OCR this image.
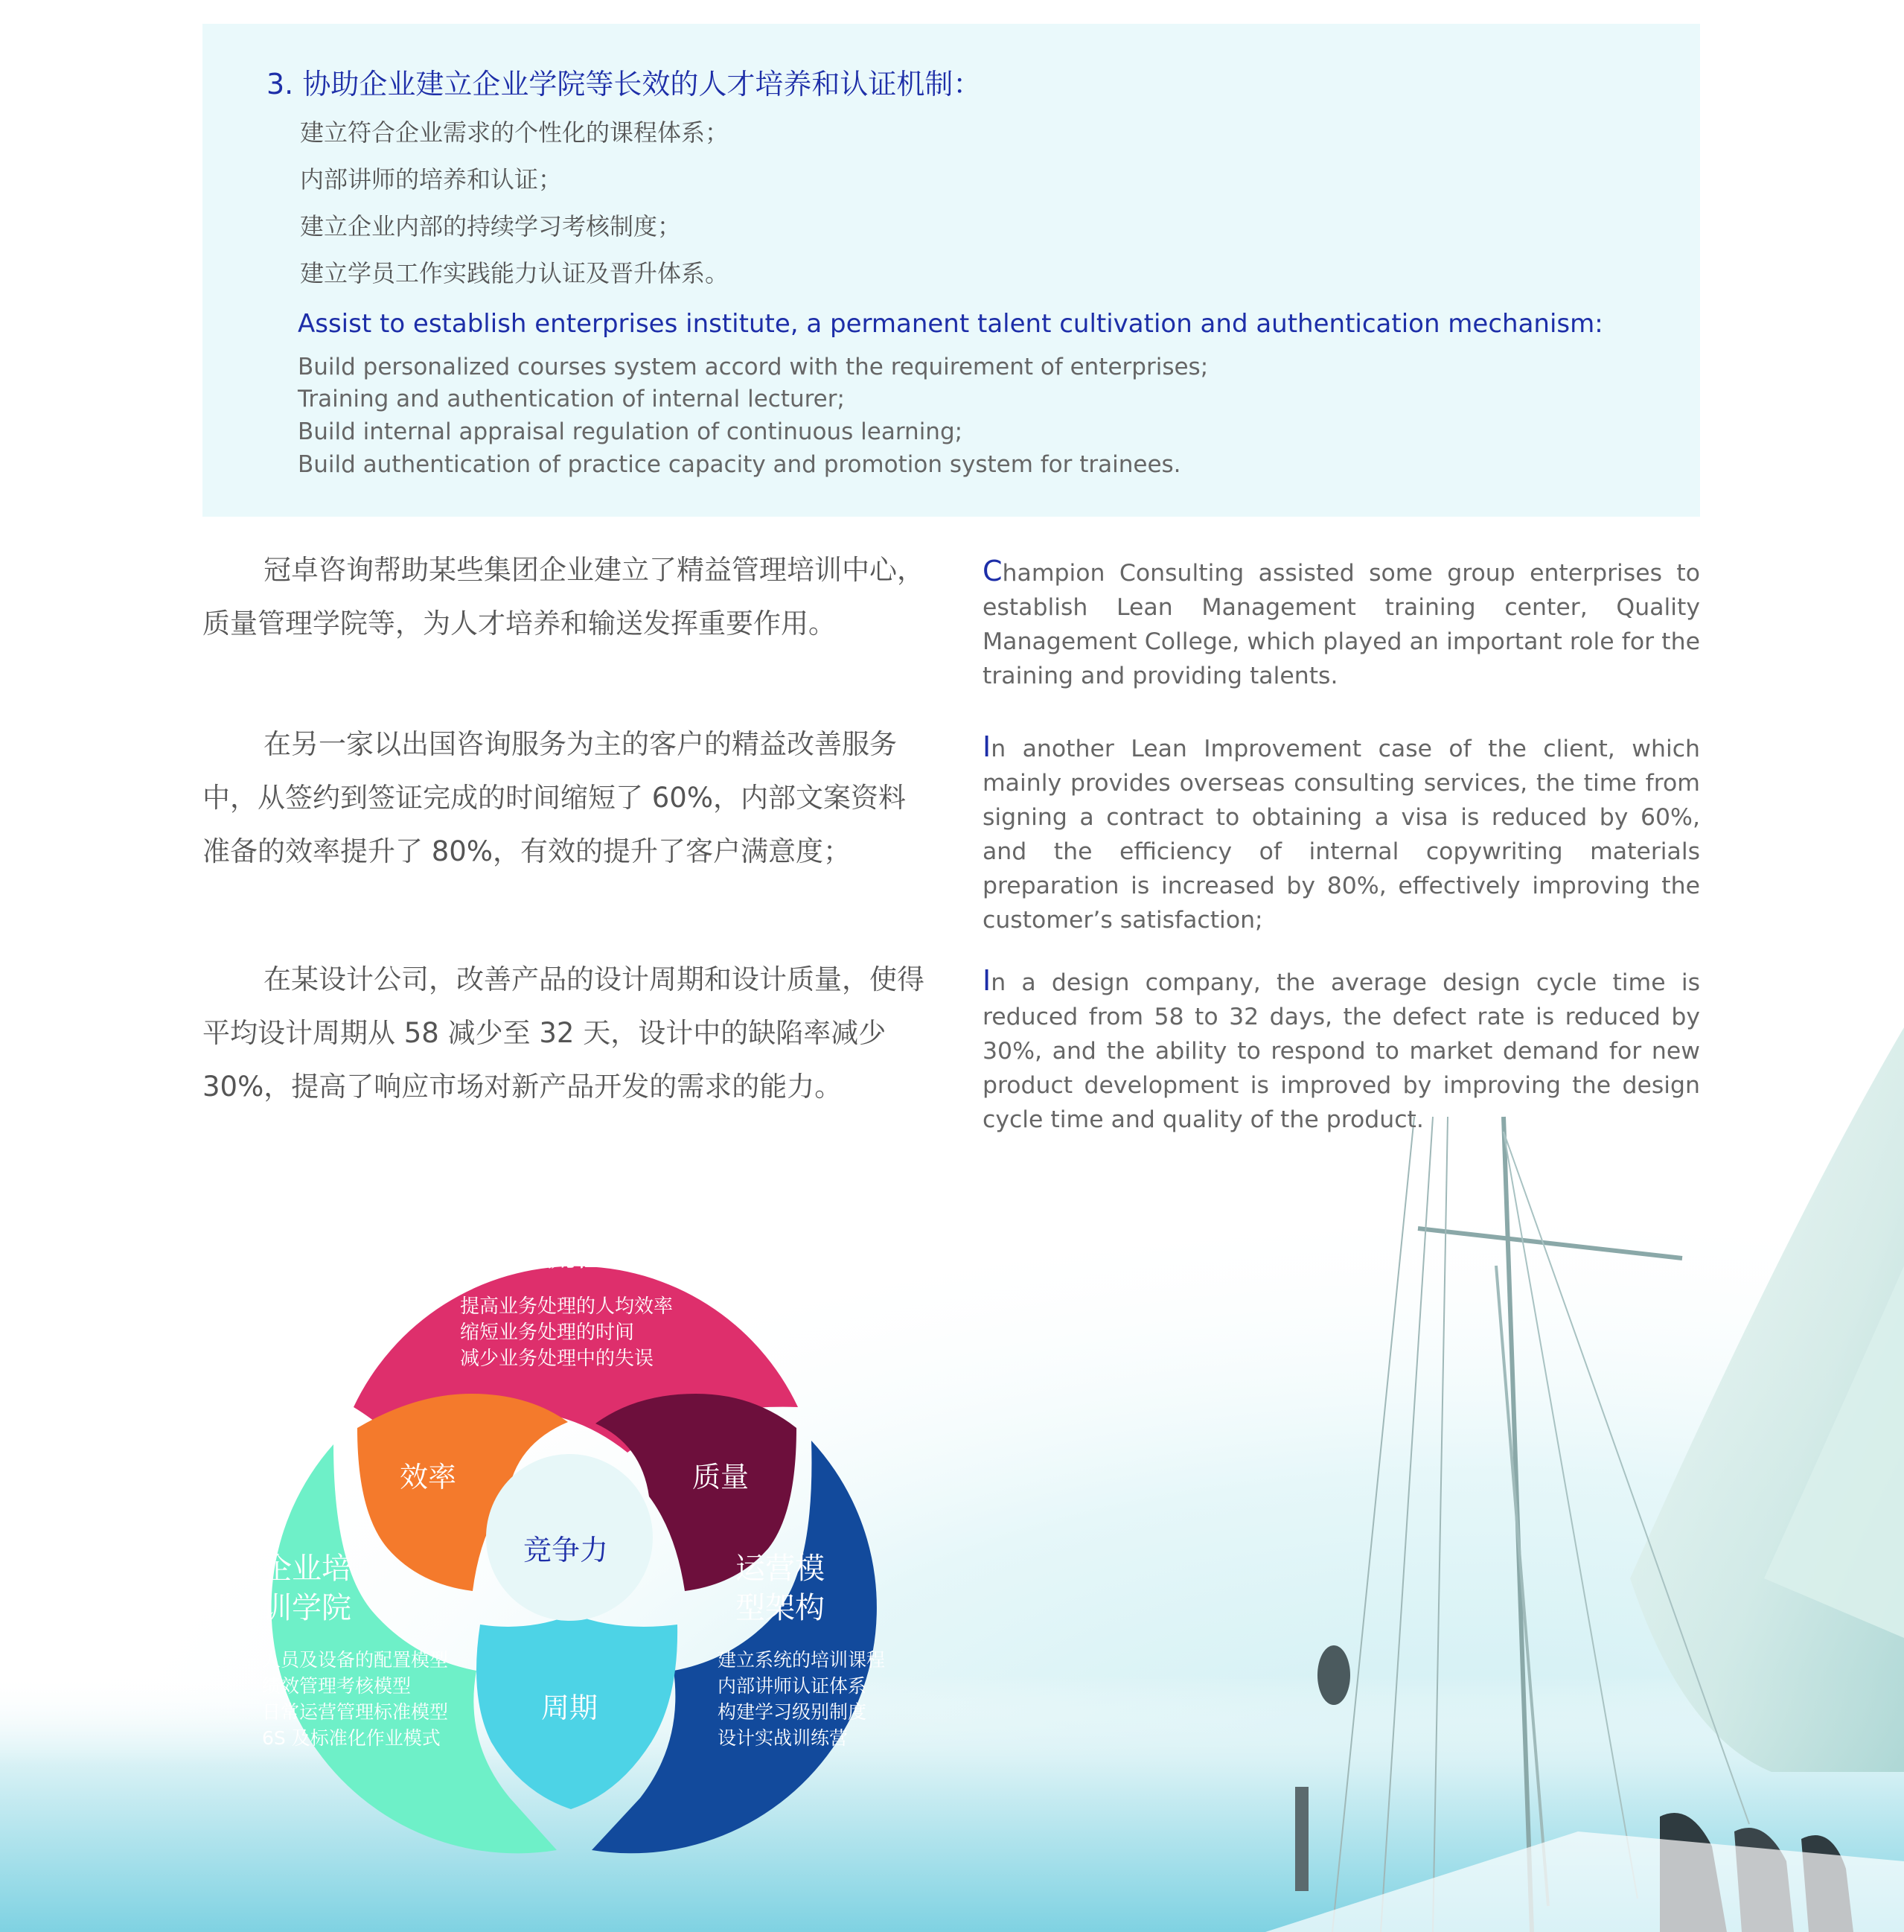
3. 协助企业建立企业学院等长效的人才培养和认证机制：
建立符合企业需求的个性化的课程体系；
内部讲师的培养和认证；
建立企业内部的持续学习考核制度；
建立学员工作实践能力认证及晋升体系。
Assist to establish enterprises institute, a permanent talent cultivation and authentication mechanism:
Build personalized courses system accord with the requirement of enterprises;
Training and authentication of internal lecturer;
Build internal appraisal regulation of continuous learning;
Build authentication of practice capacity and promotion system for trainees.
冠卓咨询帮助某些集团企业建立了精益管理培训中心，质量管理学院等，为人才培养和输送发挥重要作用。
Champion Consulting assisted some group enterprises to establish Lean Management training center, Quality Management College, which played an important role for the training and providing talents.
在另一家以出国咨询服务为主的客户的精益改善服务中，从签约到签证完成的时间缩短了 60%，内部文案资料准备的效率提升了 80%，有效的提升了客户满意度；
In another Lean Improvement case of the client, which mainly provides overseas consulting services, the time from signing a contract to obtaining a visa is reduced by 60%, and the efficiency of internal copywriting materials preparation is increased by 80%, effectively improving the customer’s satisfaction;
在某设计公司，改善产品的设计周期和设计质量，使得平均设计周期从 58 减少至 32 天，设计中的缺陷率减少 30%，提高了响应市场对新产品开发的需求的能力。
In a design company, the average design cycle time is reduced from 58 to 32 days, the defect rate is reduced by 30%, and the ability to respond to market demand for new product development is improved by improving the design cycle time and quality of the product.
服务流程改善
提高业务处理的人均效率
缩短业务处理的时间
减少业务处理中的失误
效率	质量
竞争力
周期
企业培
训学院
人员及设备的配置模型
绩效管理考核模型
日常运营管理标准模型
6S 及标准化作业模式
运营模
型架构
建立系统的培训课程
内部讲师认证体系
构建学习级别制度
设计实战训练营
